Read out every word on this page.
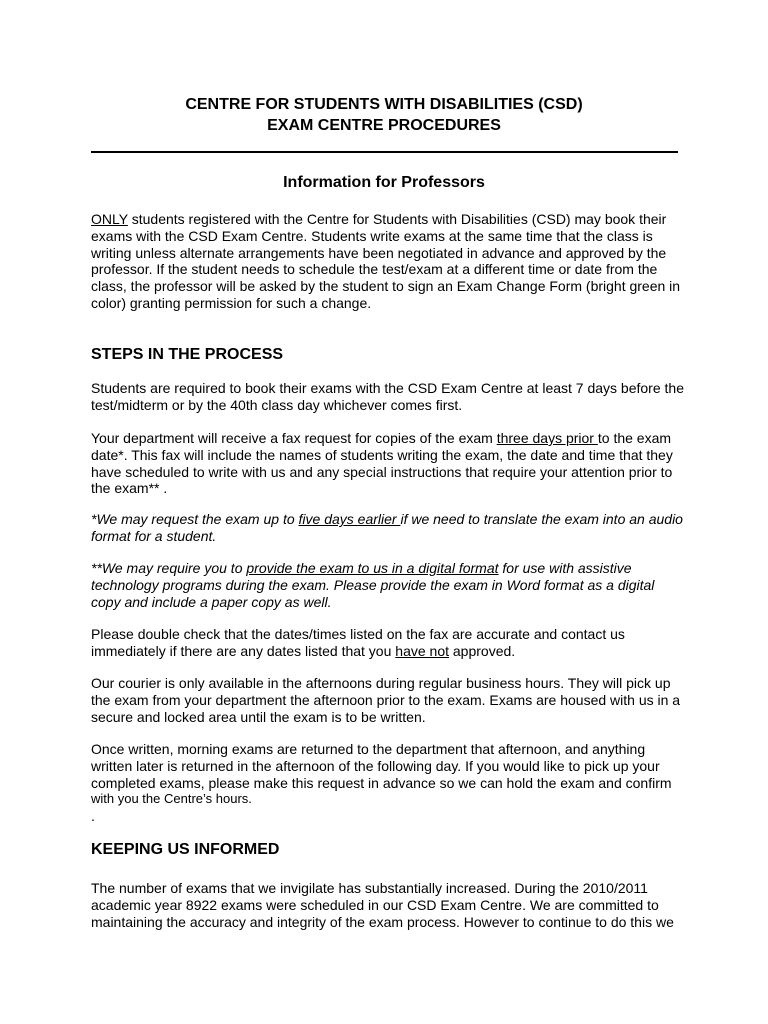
CENTRE FOR STUDENTS WITH DISABILITIES (CSD)
EXAM CENTRE PROCEDURES
Information for Professors
ONLY students registered with the Centre for Students with Disabilities (CSD) may book their
exams with the CSD Exam Centre. Students write exams at the same time that the class is
writing unless alternate arrangements have been negotiated in advance and approved by the
professor. If the student needs to schedule the test/exam at a different time or date from the
class, the professor will be asked by the student to sign an Exam Change Form (bright green in
color) granting permission for such a change.
STEPS IN THE PROCESS
Students are required to book their exams with the CSD Exam Centre at least 7 days before the
test/midterm or by the 40th class day whichever comes first.
Your department will receive a fax request for copies of the exam three days prior to the exam
date*. This fax will include the names of students writing the exam, the date and time that they
have scheduled to write with us and any special instructions that require your attention prior to
the exam** .
*We may request the exam up to five days earlier if we need to translate the exam into an audio
format for a student.
**We may require you to provide the exam to us in a digital format for use with assistive
technology programs during the exam. Please provide the exam in Word format as a digital
copy and include a paper copy as well.
Please double check that the dates/times listed on the fax are accurate and contact us
immediately if there are any dates listed that you have not approved.
Our courier is only available in the afternoons during regular business hours. They will pick up
the exam from your department the afternoon prior to the exam. Exams are housed with us in a
secure and locked area until the exam is to be written.
Once written, morning exams are returned to the department that afternoon, and anything
written later is returned in the afternoon of the following day. If you would like to pick up your
completed exams, please make this request in advance so we can hold the exam and confirm
with you the Centre’s hours.
.
KEEPING US INFORMED
The number of exams that we invigilate has substantially increased. During the 2010/2011
academic year 8922 exams were scheduled in our CSD Exam Centre. We are committed to
maintaining the accuracy and integrity of the exam process. However to continue to do this we
